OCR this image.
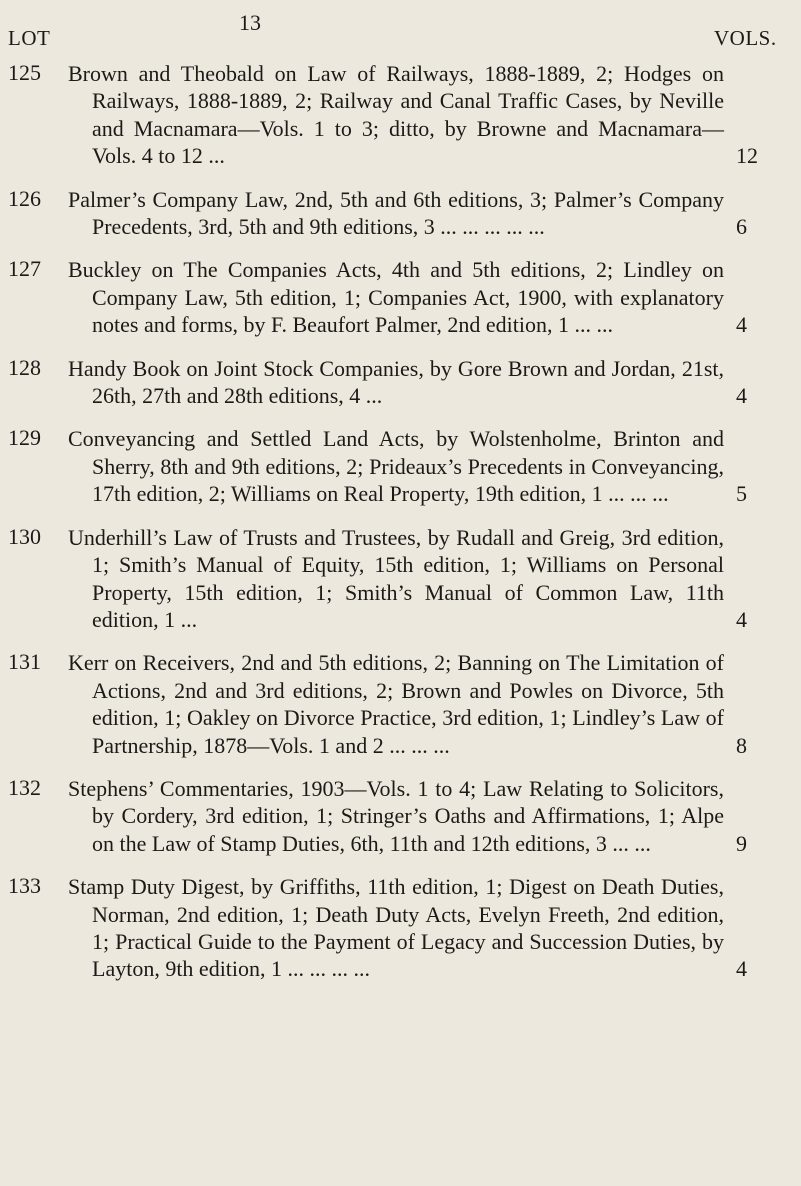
13
LOT	VOLS.
125 Brown and Theobald on Law of Railways, 1888-1889, 2; Hodges on Railways, 1888-1889, 2; Railway and Canal Traffic Cases, by Neville and Macnamara—Vols. 1 to 3; ditto, by Browne and Macnamara—Vols. 4 to 12 ...	12
126 Palmer’s Company Law, 2nd, 5th and 6th editions, 3; Palmer’s Company Precedents, 3rd, 5th and 9th editions, 3 ... ... ... ... ...	6
127 Buckley on The Companies Acts, 4th and 5th editions, 2; Lindley on Company Law, 5th edition, 1; Companies Act, 1900, with explanatory notes and forms, by F. Beaufort Palmer, 2nd edition, 1 ... ...	4
128 Handy Book on Joint Stock Companies, by Gore Brown and Jordan, 21st, 26th, 27th and 28th editions, 4 ...	4
129 Conveyancing and Settled Land Acts, by Wolstenholme, Brinton and Sherry, 8th and 9th editions, 2; Prideaux’s Precedents in Conveyancing, 17th edition, 2; Williams on Real Property, 19th edition, 1 ... ... ...	5
130 Underhill’s Law of Trusts and Trustees, by Rudall and Greig, 3rd edition, 1; Smith’s Manual of Equity, 15th edition, 1; Williams on Personal Property, 15th edition, 1; Smith’s Manual of Common Law, 11th edition, 1 ...	4
131 Kerr on Receivers, 2nd and 5th editions, 2; Banning on The Limitation of Actions, 2nd and 3rd editions, 2; Brown and Powles on Divorce, 5th edition, 1; Oakley on Divorce Practice, 3rd edition, 1; Lindley’s Law of Partnership, 1878—Vols. 1 and 2 ... ... ...	8
132 Stephens’ Commentaries, 1903—Vols. 1 to 4; Law Relating to Solicitors, by Cordery, 3rd edition, 1; Stringer’s Oaths and Affirmations, 1; Alpe on the Law of Stamp Duties, 6th, 11th and 12th editions, 3 ... ...	9
133 Stamp Duty Digest, by Griffiths, 11th edition, 1; Digest on Death Duties, Norman, 2nd edition, 1; Death Duty Acts, Evelyn Freeth, 2nd edition, 1; Practical Guide to the Payment of Legacy and Succession Duties, by Layton, 9th edition, 1 ... ... ... ...	4
